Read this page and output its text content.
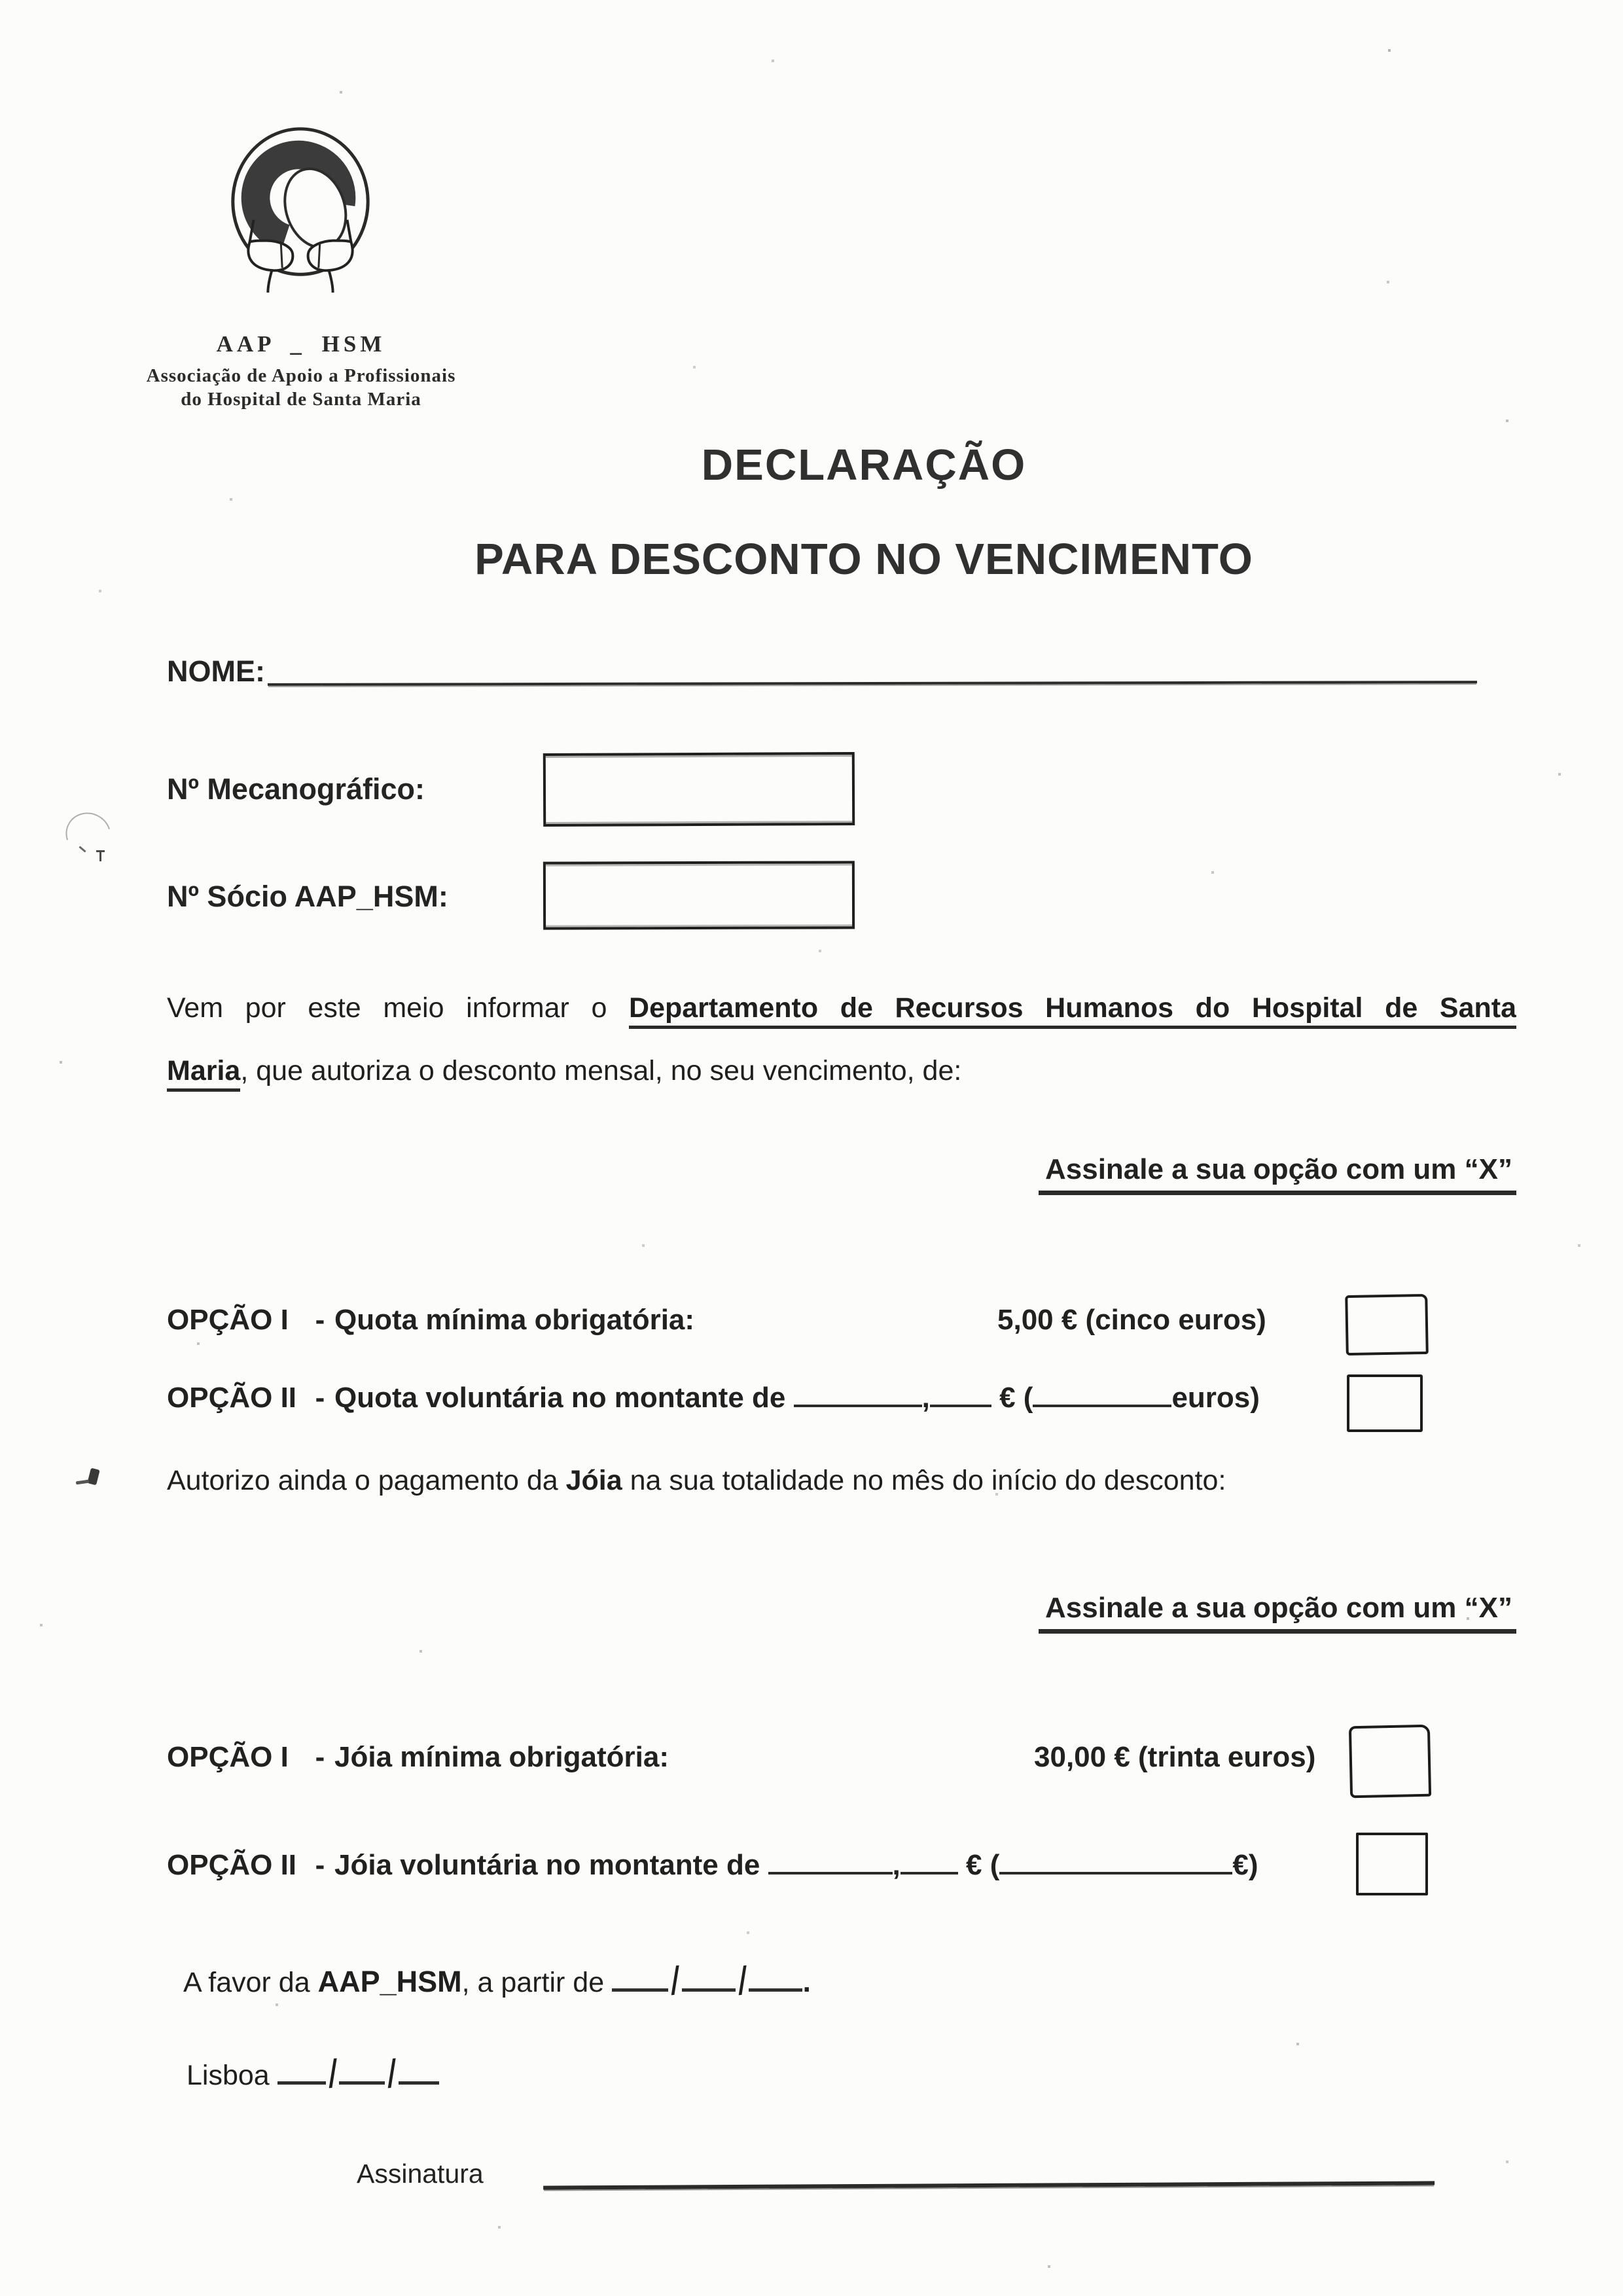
AAP _ HSM
Associação de Apoio a Profissionais
do Hospital de Santa Maria
DECLARAÇÃO
PARA DESCONTO NO VENCIMENTO
NOME:
Nº Mecanográfico:
Nº Sócio AAP_HSM:
Vem por este meio informar o Departamento de Recursos Humanos do Hospital de Santa
Maria, que autoriza o desconto mensal, no seu vencimento, de:
Assinale a sua opção com um “X”
OPÇÃO I - Quota mínima obrigatória:	5,00 € (cinco euros)
OPÇÃO II - Quota voluntária no montante de	, € (	euros)
Autorizo ainda o pagamento da Jóia na sua totalidade no mês do início do desconto:
Assinale a sua opção com um “X”
OPÇÃO I - Jóia mínima obrigatória:	30,00 € (trinta euros)
OPÇÃO II - Jóia voluntária no montante de	, € (	€)
A favor da AAP_HSM, a partir de / / .
Lisboa / /
Assinatura
